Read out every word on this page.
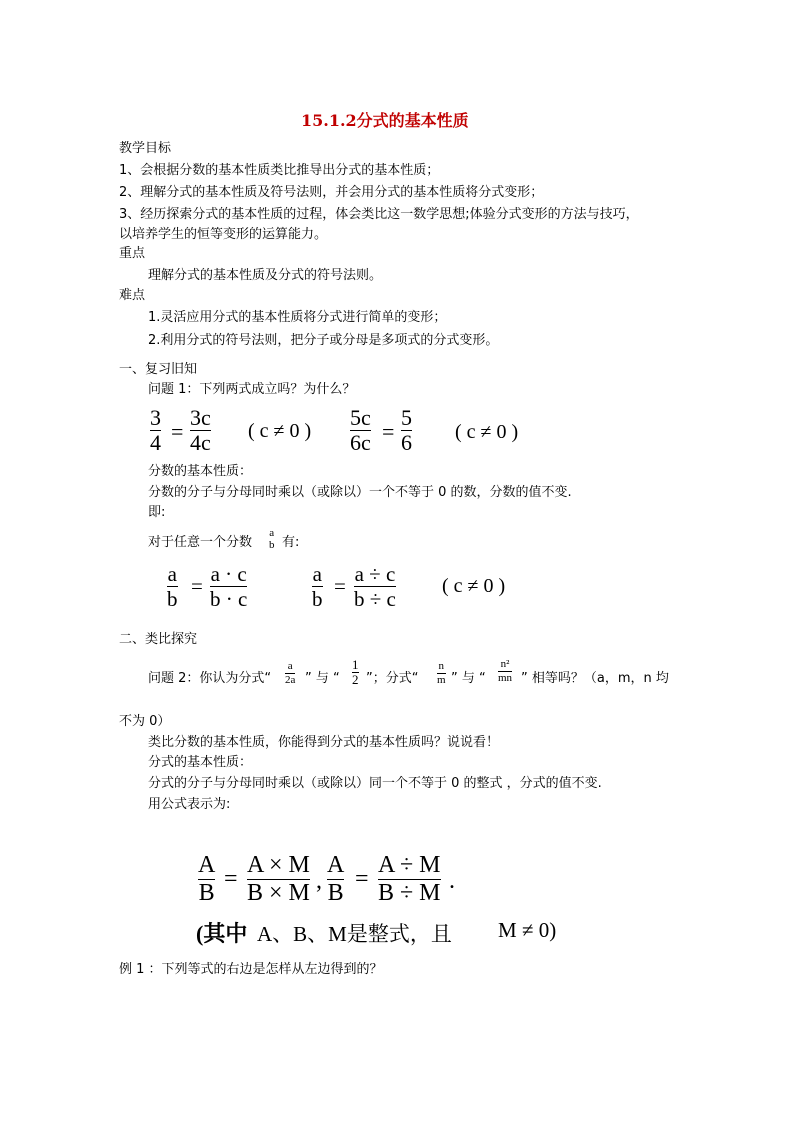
15.1.2分式的基本性质
教学目标
1、会根据分数的基本性质类比推导出分式的基本性质；
2、理解分式的基本性质及符号法则，并会用分式的基本性质将分式变形；
3、经历探索分式的基本性质的过程，体会类比这一数学思想;体验分式变形的方法与技巧，
以培养学生的恒等变形的运算能力。
重点
理解分式的基本性质及分式的符号法则。
难点
1.灵活应用分式的基本性质将分式进行简单的变形；
2.利用分式的符号法则，把分子或分母是多项式的分式变形。
一、复习旧知
问题 1：下列两式成立吗？为什么？
3
4 =
3c
4c ( c ≠ 0 )
5c
6c =
5
6 ( c ≠ 0 )
分数的基本性质：
分数的分子与分母同时乘以（或除以）一个不等于 0 的数，分数的值不变.
即:
对于任意一个分数
a
b 有:
a
b
= a · c
b · c
a
b
= a ÷ c
b ÷ c
( c ≠ 0 )
二、类比探究
问题 2：你认为分式“
a
2a ” 与 “
1
2 ”；分式“
n
m ” 与 “
n²
mn ” 相等吗？（a，m，n 均
不为 0）
类比分数的基本性质，你能得到分式的基本性质吗？说说看！
分式的基本性质：
分式的分子与分母同时乘以（或除以）同一个不等于 0 的整式 ，分式的值不变.
用公式表示为:
A
B
=
A × M
B × M ,
A
B
=
A ÷ M
B ÷ M .
(其中 A、B、M是整式，且 M ≠ 0)
例 1 ：下列等式的右边是怎样从左边得到的？
